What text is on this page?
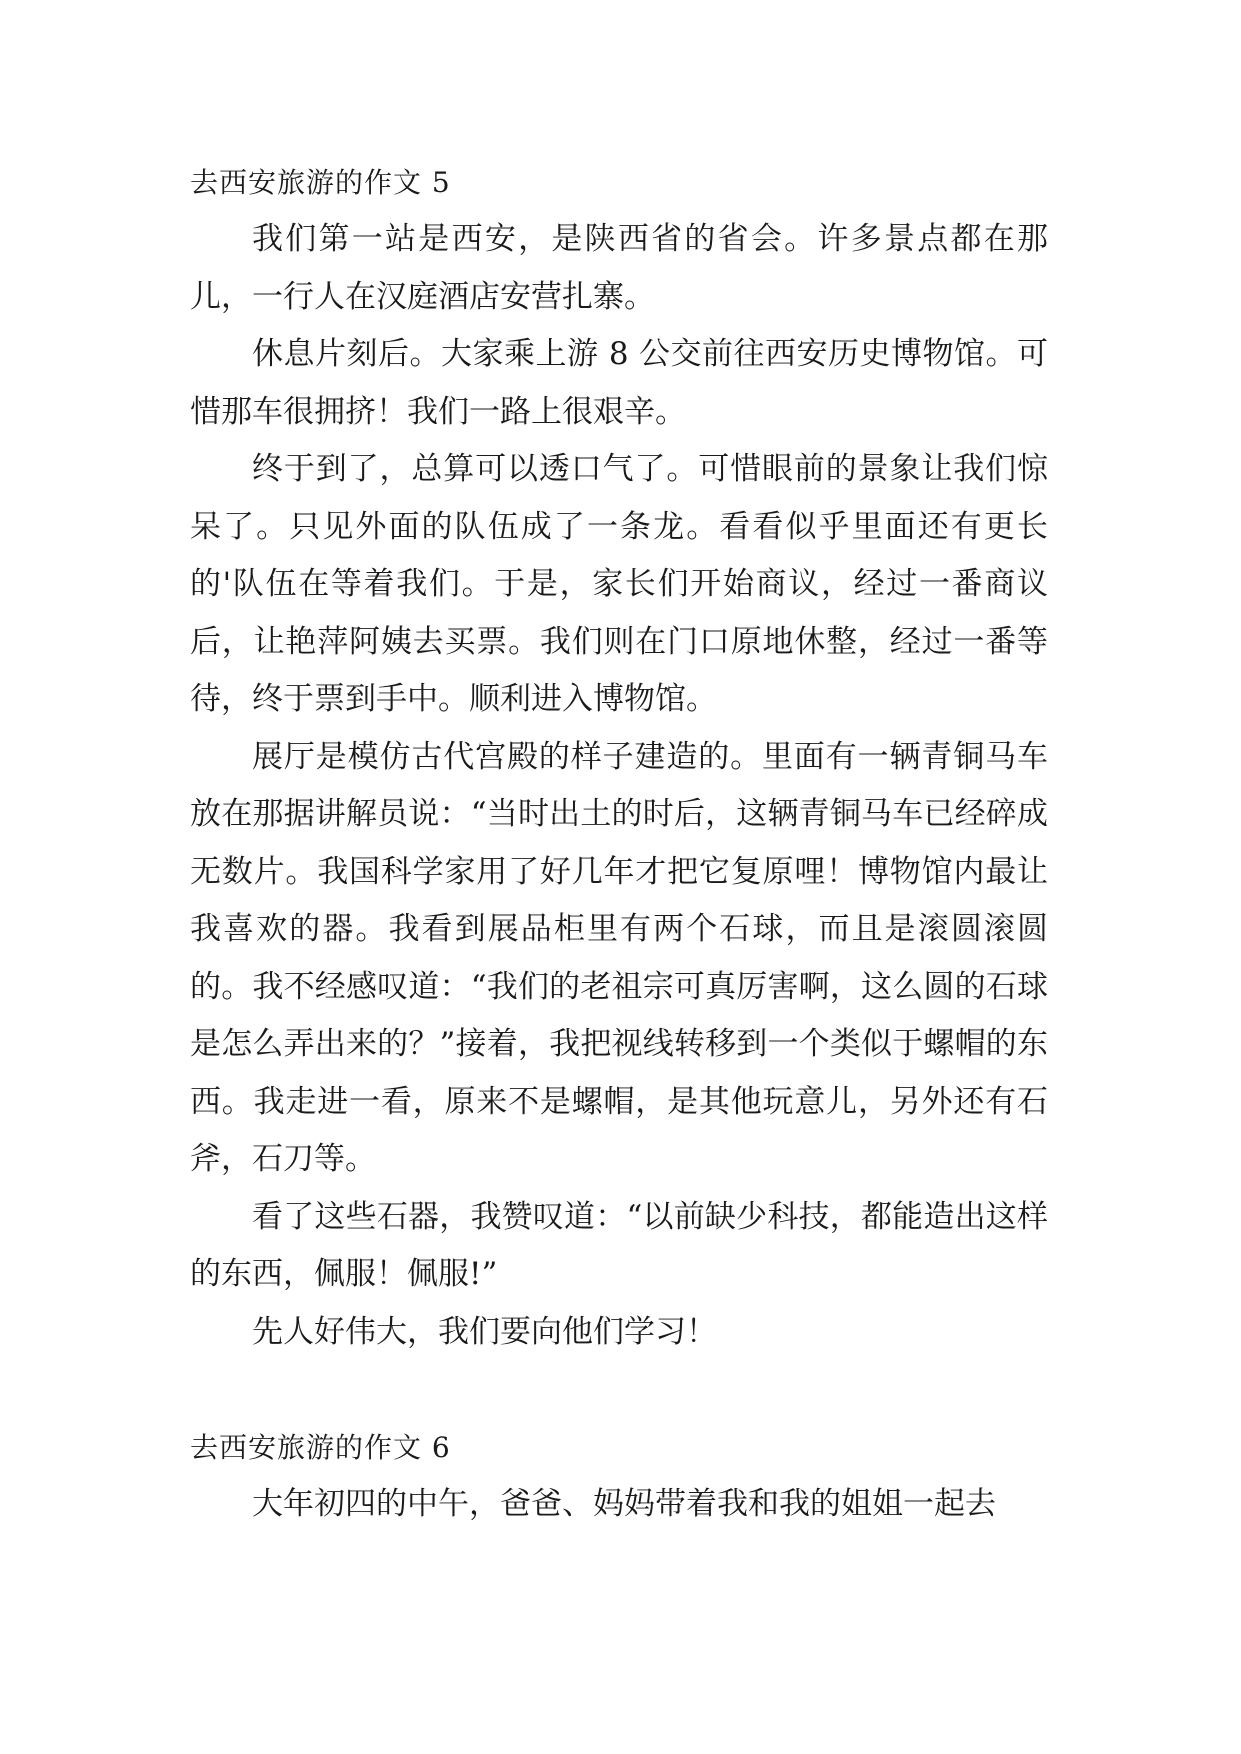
去西安旅游的作文 5

我们第一站是西安，是陕西省的省会。许多景点都在那儿，一行人在汉庭酒店安营扎寨。

休息片刻后。大家乘上游 8 公交前往西安历史博物馆。可惜那车很拥挤！我们一路上很艰辛。

终于到了，总算可以透口气了。可惜眼前的景象让我们惊呆了。只见外面的队伍成了一条龙。看看似乎里面还有更长的'队伍在等着我们。于是，家长们开始商议，经过一番商议后，让艳萍阿姨去买票。我们则在门口原地休整，经过一番等待，终于票到手中。顺利进入博物馆。

展厅是模仿古代宫殿的样子建造的。里面有一辆青铜马车放在那据讲解员说：“当时出土的时后，这辆青铜马车已经碎成无数片。我国科学家用了好几年才把它复原哩！博物馆内最让我喜欢的器。我看到展品柜里有两个石球，而且是滚圆滚圆的。我不经感叹道：“我们的老祖宗可真厉害啊，这么圆的石球是怎么弄出来的？”接着，我把视线转移到一个类似于螺帽的东西。我走进一看，原来不是螺帽，是其他玩意儿，另外还有石斧，石刀等。

看了这些石器，我赞叹道：“以前缺少科技，都能造出这样的东西，佩服！佩服!”

先人好伟大，我们要向他们学习！

去西安旅游的作文 6

大年初四的中午，爸爸、妈妈带着我和我的姐姐一起去
